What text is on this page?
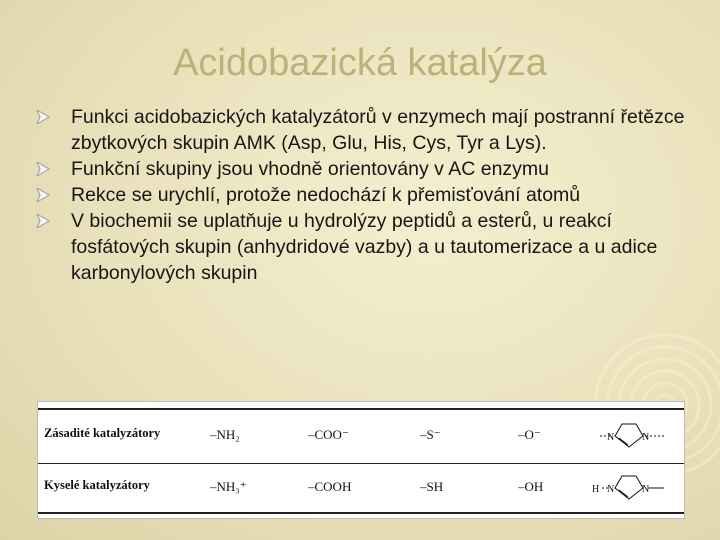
Acidobazická katalýza
Funkci acidobazických katalyzátorů v enzymech mají postranní řetězce zbytkových skupin AMK (Asp, Glu, His, Cys, Tyr a Lys).
Funkční skupiny jsou vhodně orientovány v AC enzymu
Rekce se urychlí, protože nedochází k přemisťování atomů
V biochemii se uplatňuje u hydrolýzy peptidů a esterů, u reakcí fosfátových skupin (anhydridové vazby) a u tautomerizace a u adice karbonylových skupin
Zásadité katalyzátory	–NH₂	–COO⁻	–S⁻	–O⁻	N	N
Kyselé katalyzátory	–NH₃⁺	–COOH	–SH	–OH	H N	N
